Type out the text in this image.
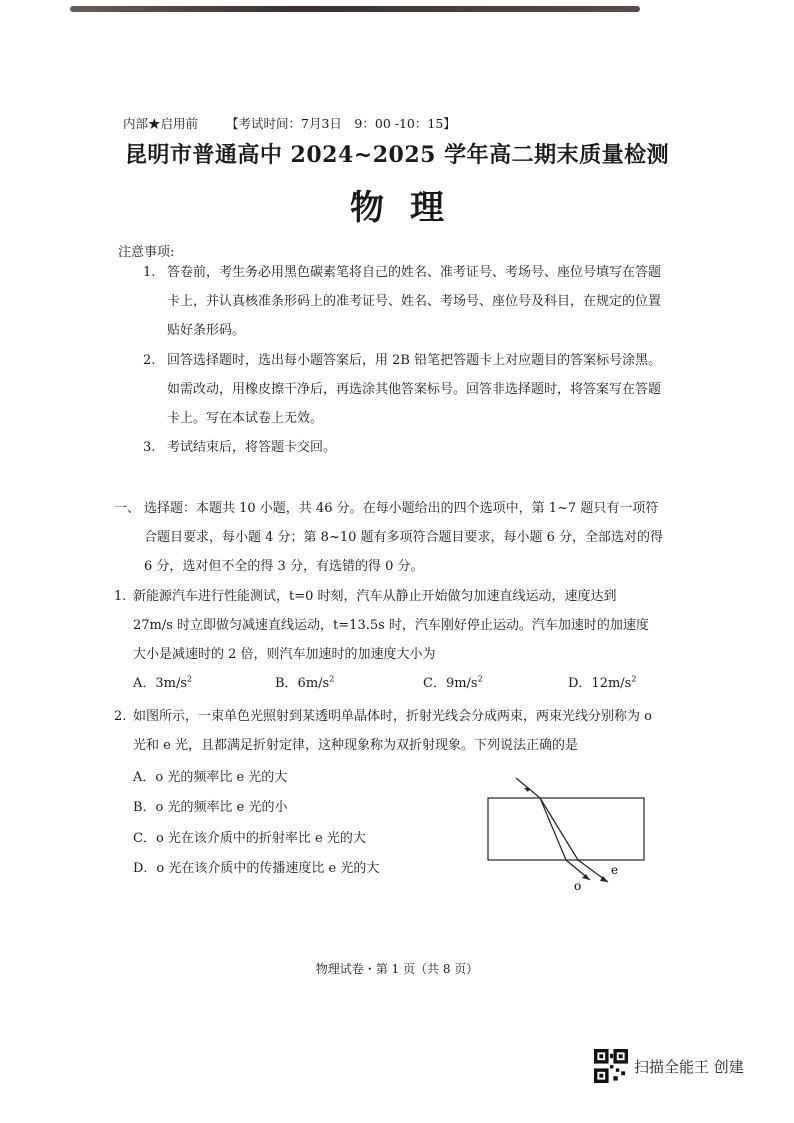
内部★启用前 【考试时间：7月3日　9：00 -10：15】
昆明市普通高中 2024~2025 学年高二期末质量检测
物理
注意事项:
1. 答卷前，考生务必用黑色碳素笔将自己的姓名、准考证号、考场号、座位号填写在答题卡上，并认真核准条形码上的准考证号、姓名、考场号、座位号及科目，在规定的位置贴好条形码。
2. 回答选择题时，选出每小题答案后，用 2B 铅笔把答题卡上对应题目的答案标号涂黑。如需改动，用橡皮擦干净后，再选涂其他答案标号。回答非选择题时，将答案写在答题卡上。写在本试卷上无效。
3. 考试结束后，将答题卡交回。
一、 选择题：本题共 10 小题，共 46 分。在每小题给出的四个选项中，第 1~7 题只有一项符合题目要求，每小题 4 分；第 8~10 题有多项符合题目要求，每小题 6 分，全部选对的得 6 分，选对但不全的得 3 分，有选错的得 0 分。
1. 新能源汽车进行性能测试，t=0 时刻，汽车从静止开始做匀加速直线运动，速度达到 27m/s 时立即做匀减速直线运动，t=13.5s 时，汽车刚好停止运动。汽车加速时的加速度大小是减速时的 2 倍，则汽车加速时的加速度大小为
A．$3m/s^2$	B．$6m/s^2$	C．$9m/s^2$	D．$12m/s^2$
2. 如图所示，一束单色光照射到某透明单晶体时，折射光线会分成两束，两束光线分别称为 o 光和 e 光，且都满足折射定律，这种现象称为双折射现象。下列说法正确的是
A．o 光的频率比 e 光的大
B．o 光的频率比 e 光的小
C．o 光在该介质中的折射率比 e 光的大
D．o 光在该介质中的传播速度比 e 光的大
o
e
物理试卷・第 1 页（共 8 页）
扫描全能王 创建
